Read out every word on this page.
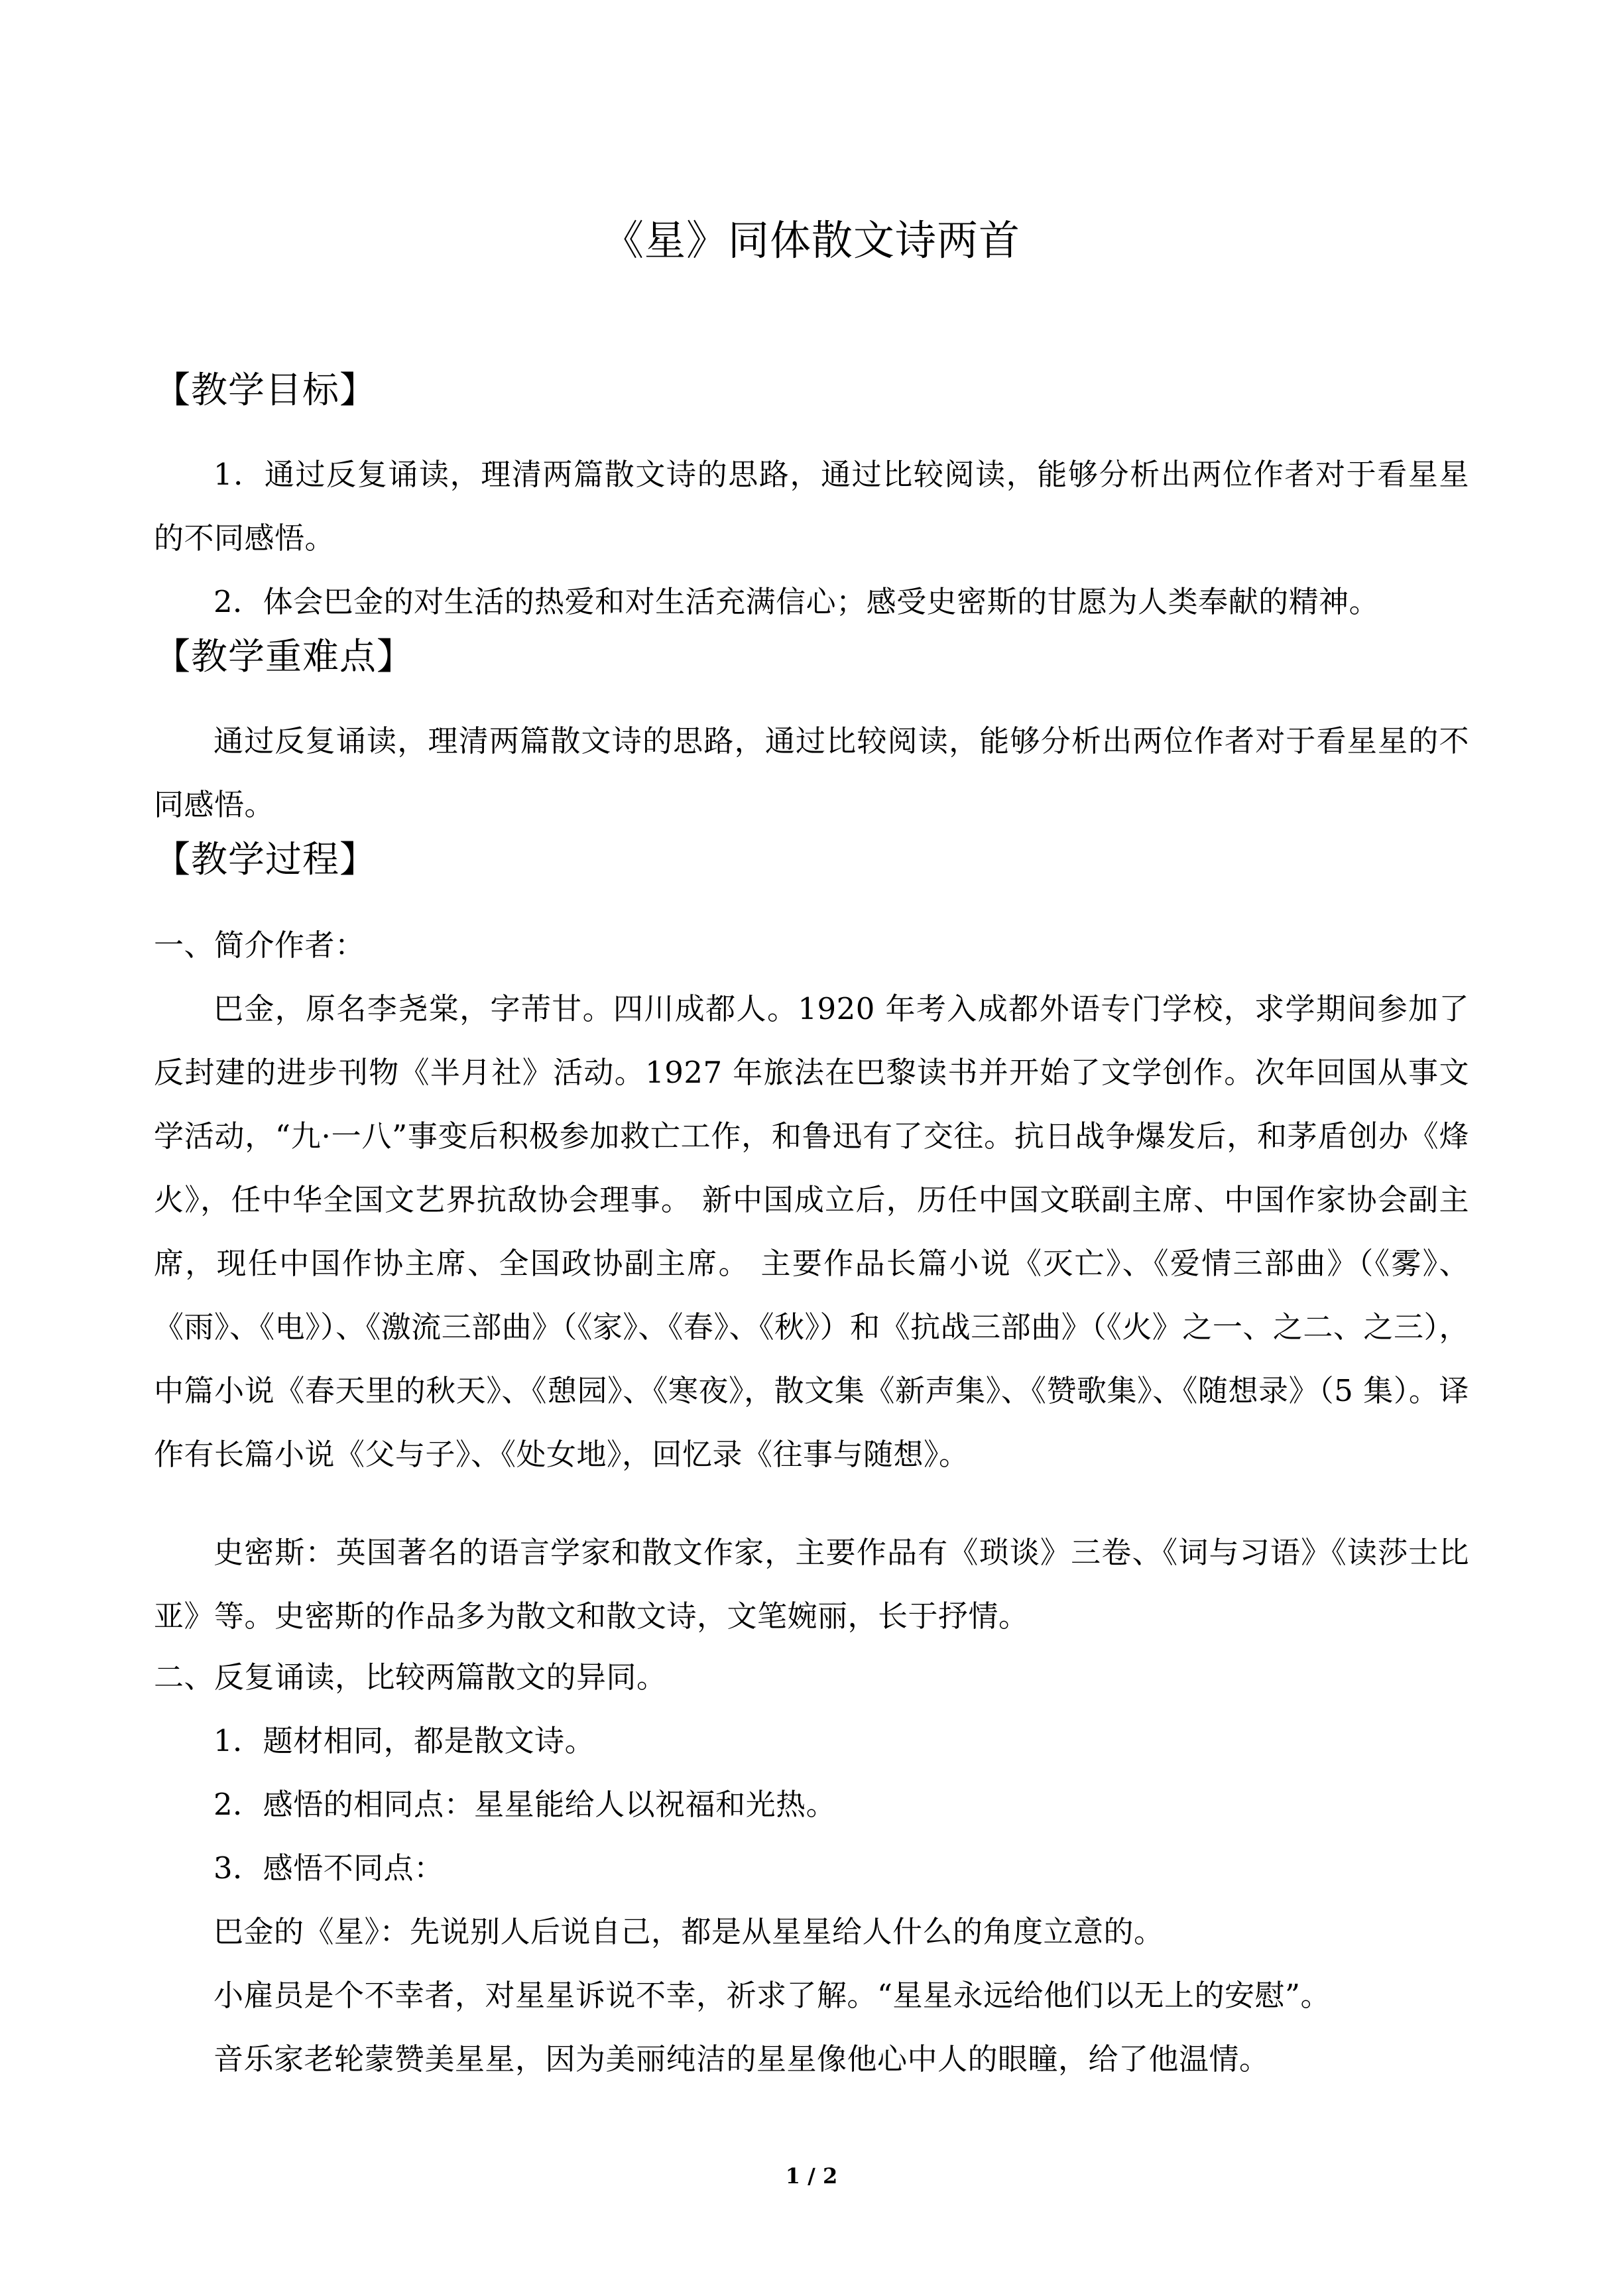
《星》同体散文诗两首
【教学目标】
1．通过反复诵读，理清两篇散文诗的思路，通过比较阅读，能够分析出两位作者对于看星星的不同感悟。
2．体会巴金的对生活的热爱和对生活充满信心；感受史密斯的甘愿为人类奉献的精神。
【教学重难点】
通过反复诵读，理清两篇散文诗的思路，通过比较阅读，能够分析出两位作者对于看星星的不同感悟。
【教学过程】
一、简介作者：
巴金，原名李尧棠，字芾甘。四川成都人。1920 年考入成都外语专门学校，求学期间参加了反封建的进步刊物《半月社》活动。1927 年旅法在巴黎读书并开始了文学创作。次年回国从事文学活动，“九·一八”事变后积极参加救亡工作，和鲁迅有了交往。抗日战争爆发后，和茅盾创办《烽火》，任中华全国文艺界抗敌协会理事。 新中国成立后，历任中国文联副主席、中国作家协会副主席，现任中国作协主席、全国政协副主席。 主要作品长篇小说《灭亡》、《爱情三部曲》（《雾》、《雨》、《电》）、《激流三部曲》（《家》、《春》、《秋》）和《抗战三部曲》（《火》之一、之二、之三），中篇小说《春天里的秋天》、《憩园》、《寒夜》，散文集《新声集》、《赞歌集》、《随想录》（5 集）。译作有长篇小说《父与子》、《处女地》，回忆录《往事与随想》。
史密斯：英国著名的语言学家和散文作家，主要作品有《琐谈》三卷、《词与习语》《读莎士比亚》等。史密斯的作品多为散文和散文诗，文笔婉丽，长于抒情。
二、反复诵读，比较两篇散文的异同。
1．题材相同，都是散文诗。
2．感悟的相同点：星星能给人以祝福和光热。
3．感悟不同点：
巴金的《星》：先说别人后说自己，都是从星星给人什么的角度立意的。
小雇员是个不幸者，对星星诉说不幸，祈求了解。“星星永远给他们以无上的安慰”。
音乐家老轮蒙赞美星星，因为美丽纯洁的星星像他心中人的眼瞳，给了他温情。
1 / 2
